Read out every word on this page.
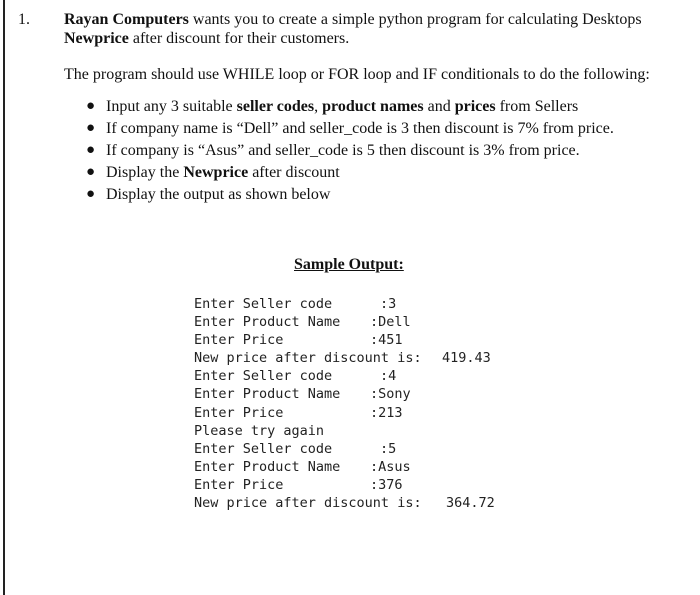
1. Rayan Computers wants you to create a simple python program for calculating Desktops Newprice after discount for their customers.

The program should use WHILE loop or FOR loop and IF conditionals to do the following:

● Input any 3 suitable seller codes, product names and prices from Sellers
● If company name is “Dell” and seller_code is 3 then discount is 7% from price.
● If company is “Asus” and seller_code is 5 then discount is 3% from price.
● Display the Newprice after discount
● Display the output as shown below
Sample Output:
Enter Seller code	:3
Enter Product Name :Dell
Enter Price	:451
New price after discount is: 419.43
Enter Seller code	:4
Enter Product Name :Sony
Enter Price	:213
Please try again
Enter Seller code	:5
Enter Product Name :Asus
Enter Price	:376
New price after discount is: 364.72
